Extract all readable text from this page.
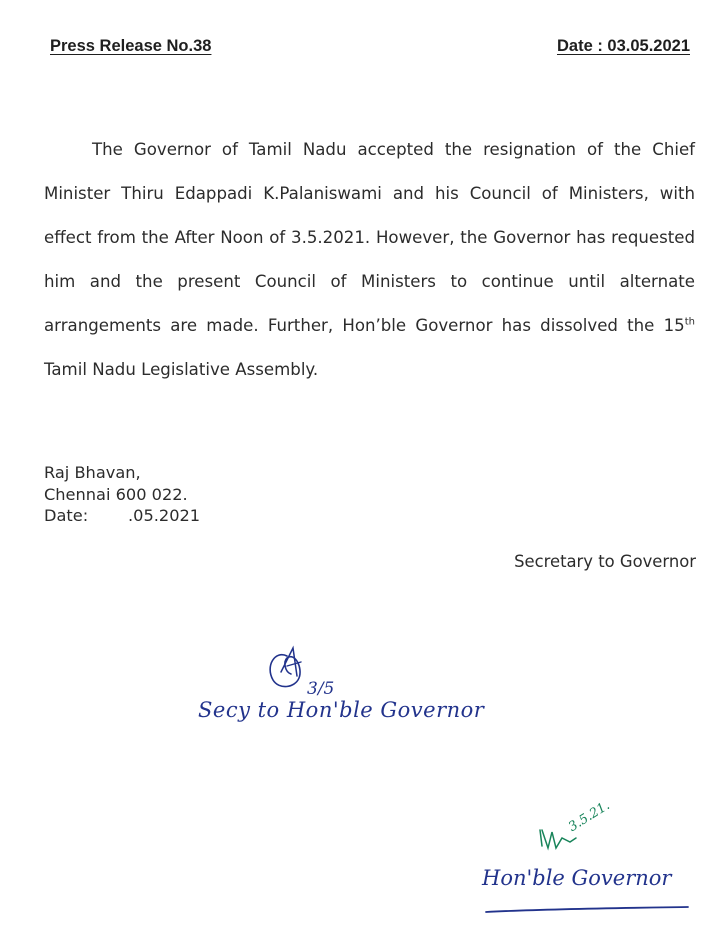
Press Release No.38	Date : 03.05.2021

The Governor of Tamil Nadu accepted the resignation of the Chief Minister Thiru Edappadi K.Palaniswami and his Council of Ministers, with effect from the After Noon of 3.5.2021. However, the Governor has requested him and the present Council of Ministers to continue until alternate arrangements are made. Further, Hon’ble Governor has dissolved the 15th Tamil Nadu Legislative Assembly.

Raj Bhavan,
Chennai 600 022.
Date: .05.2021
Secretary to Governor
3/5
Secy to Hon'ble Governor
3.5.21.
Hon'ble Governor
